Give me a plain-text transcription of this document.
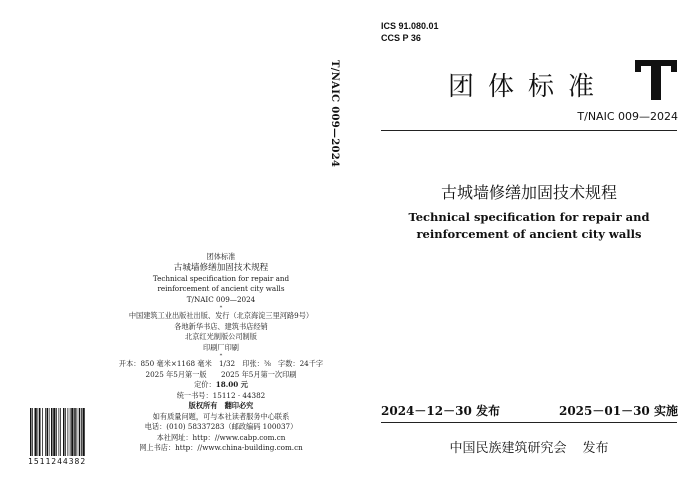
ICS 91.080.01
CCS P 36
团体标准
T/NAIC 009—2024
古城墙修缮加固技术规程
Technical specification for repair and
reinforcement of ancient city walls
2024－12－30 发布	2025－01－30 实施
中国民族建筑研究会 发布
T/NAIC 009—2024
团体标准
古城墙修缮加固技术规程
Technical specification for repair and
reinforcement of ancient city walls
T/NAIC 009—2024
*
中国建筑工业出版社出版、发行（北京海淀三里河路9号）
各地新华书店、建筑书店经销
北京红光制版公司制版
印刷厂印刷
*
开本：850 毫米×1168 毫米　1/32　印张：⅜　字数：24千字
2025 年5月第一版　　2025 年5月第一次印刷
定价：18.00 元
统一书号：15112 · 44382
版权所有　翻印必究
如有质量问题，可与本社读者服务中心联系
电话：(010) 58337283（邮政编码 100037）
本社网址：http：//www.cabp.com.cn
网上书店：http：//www.china-building.com.cn
1511244382
